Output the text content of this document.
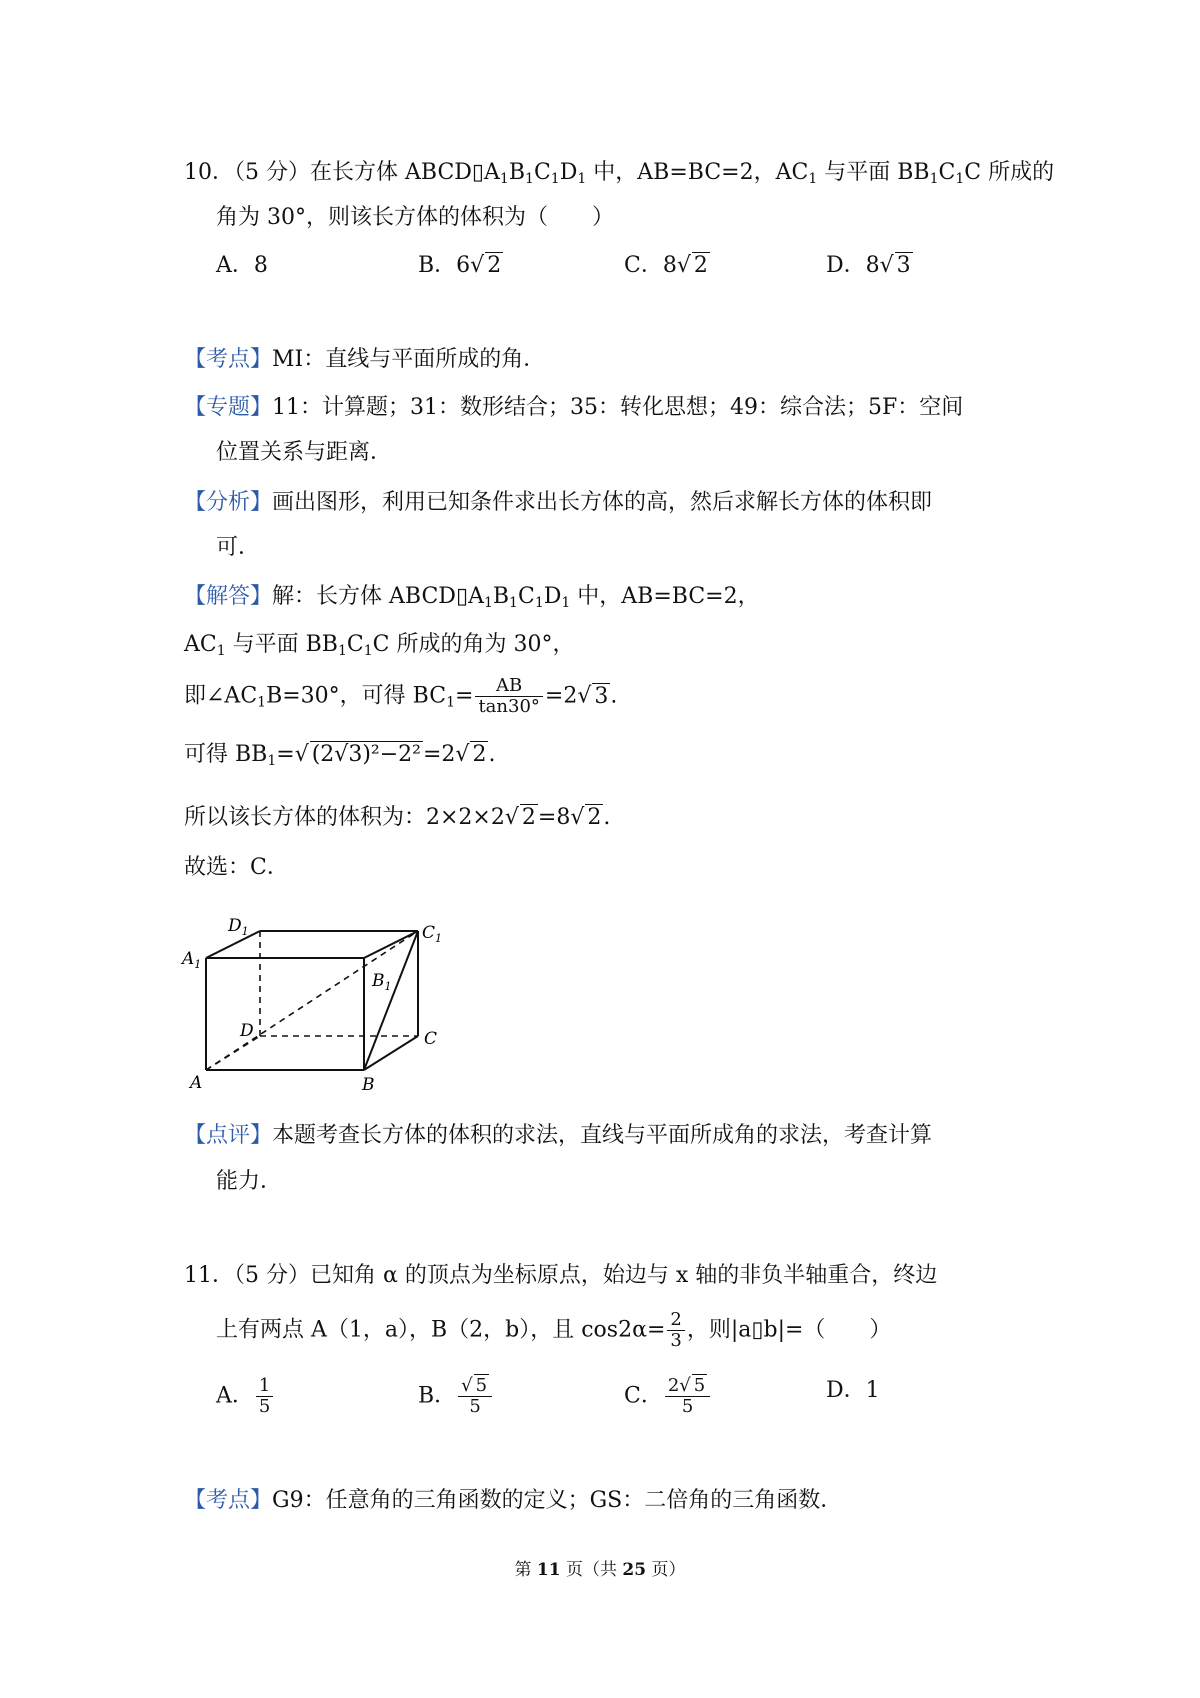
10．（5 分）在长方体 $ABCD▯A_1B_1C_1D_1$ 中，AB=BC=2，$AC_1$ 与平面 $BB_1C_1C$ 所成的
角为 30°，则该长方体的体积为（　　）
A．8	B．6√ 2	C．8√ 2	D．8√ 3
【考点】MI：直线与平面所成的角．
【专题】11：计算题；31：数形结合；35：转化思想；49：综合法；5F：空间
位置关系与距离．
【分析】画出图形，利用已知条件求出长方体的高，然后求解长方体的体积即
可．
【解答】解：长方体 $ABCD▯A_1B_1C_1D_1$ 中，AB=BC=2，
$AC_1$ 与平面 $BB_1C_1C$ 所成的角为 30°，
即$\angle AC_1B=30^\circ$，可得 $BC_1= \frac{AB}{\tan 30^\circ} =2√$ 3.
可得 $BB_1=√$ (2√3)²−2²=2√ 2.
所以该长方体的体积为：2×2×2√ 2=8√ 2.
故选：C．
$D_1$	$C_1$
$A_1$
$B_1$
D	C
A	B
【点评】本题考查长方体的体积的求法，直线与平面所成角的求法，考查计算
能力．
11．（5 分）已知角 α 的顶点为坐标原点，始边与 x 轴的非负半轴重合，终边
上有两点 A（1，a），B（2，b），且 $\cos 2\alpha= \frac{2}{3}$ ，则|a▯b|=（　　）
A． $\frac{1}{5}$	B． $\frac{√ 5}{5}$	C． $\frac{2√ 5}{5}$	D．1
【考点】G9：任意角的三角函数的定义；GS：二倍角的三角函数．
第 11 页（共 25 页）
